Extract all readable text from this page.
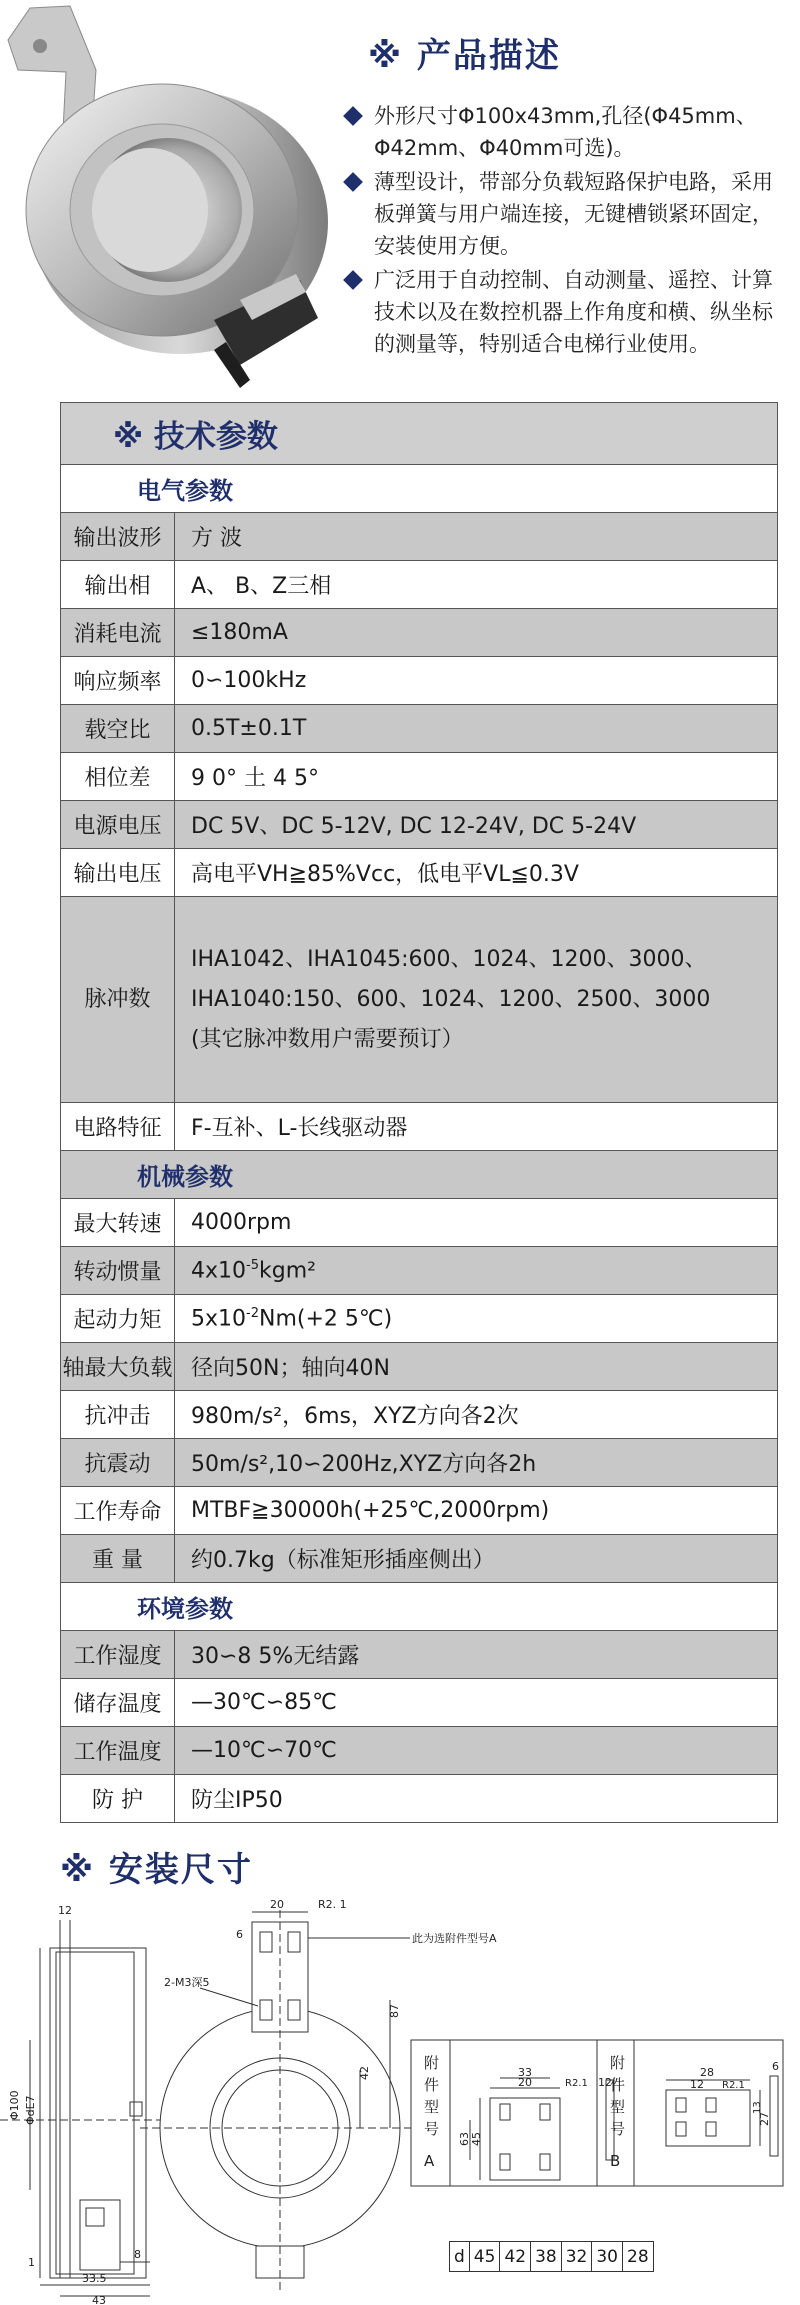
※ 产品描述
外形尺寸Φ100x43mm,孔径(Φ45mm、Φ42mm、Φ40mm可选)。
薄型设计，带部分负载短路保护电路，采用板弹簧与用户端连接，无键槽锁紧环固定，安装使用方便。
广泛用于自动控制、自动测量、遥控、计算技术以及在数控机器上作角度和横、纵坐标的测量等，特别适合电梯行业使用。
※ 技术参数	
电气参数	
输出波形	方 波
输出相	A、 B、Z三相
消耗电流	≤180mA
响应频率	0∽100kHz
载空比	0.5T±0.1T
相位差	9 0° 土 4 5°
电源电压	DC 5V、DC 5-12V, DC 12-24V, DC 5-24V
输出电压	高电平VH≧85%Vcc，低电平VL≦0.3V
脉冲数	IHA1042、IHA1045:600、1024、1200、3000、
IHA1040:150、600、1024、1200、2500、3000
(其它脉冲数用户需要预订）

电路特征	F-互补、L-长线驱动器
机械参数	
最大转速	4000rpm
转动惯量	$4x10^{-5}kgm^2$
起动力矩	$5x10^{-2}Nm(+2$ 5℃)
轴最大负载	径向50N；轴向40N
抗冲击	980m/s²，6ms，XYZ方向各2次
抗震动	50m/s²,10∽200Hz,XYZ方向各2h
工作寿命	MTBF≧30000h(+25℃,2000rpm)
重 量	约0.7kg（标准矩形插座侧出）
环境参数	
工作湿度	30∽8 5%无结露
储存温度	—30℃∽85℃
工作温度	—10℃∽70℃
防 护	防尘IP50
※ 安装尺寸
12
Φ100 ΦdE7
1
8
33.5
43
20	R2. 1
6
2-M3深5
87
42
此为选附件型号A
附
件
型
号
A
33
20	R2.1 12
63 45
附
件
型
号
B
28
12 R2.1
6
27
13
d	45	42	38	32	30	28
